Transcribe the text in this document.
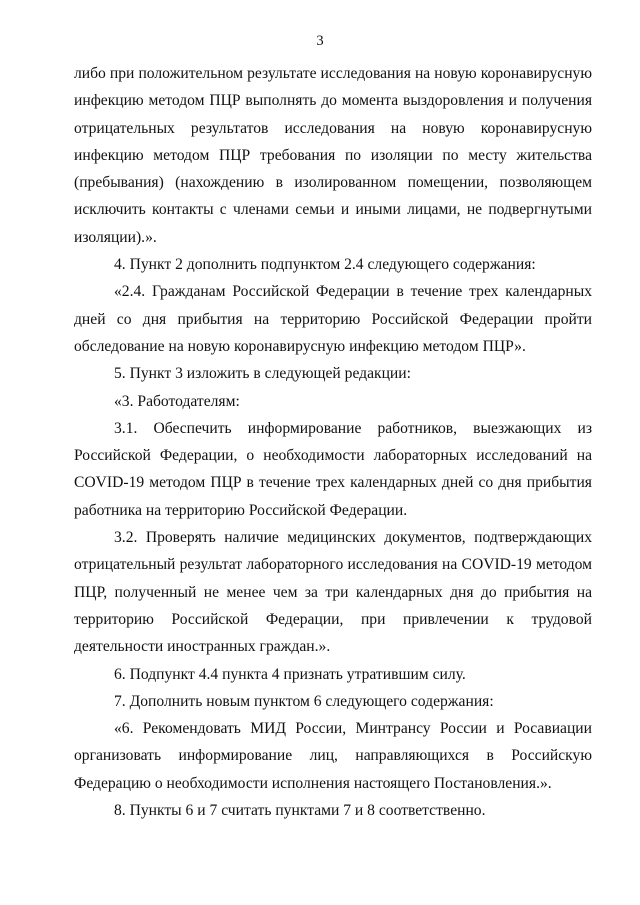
3

либо при положительном результате исследования на новую коронавирусную инфекцию методом ПЦР выполнять до момента выздоровления и получения отрицательных результатов исследования на новую коронавирусную инфекцию методом ПЦР требования по изоляции по месту жительства (пребывания) (нахождению в изолированном помещении, позволяющем исключить контакты с членами семьи и иными лицами, не подвергнутыми изоляции).».

4. Пункт 2 дополнить подпунктом 2.4 следующего содержания:

«2.4. Гражданам Российской Федерации в течение трех календарных дней со дня прибытия на территорию Российской Федерации пройти обследование на новую коронавирусную инфекцию методом ПЦР».

5. Пункт 3 изложить в следующей редакции:

«3. Работодателям:

3.1. Обеспечить информирование работников, выезжающих из Российской Федерации, о необходимости лабораторных исследований на COVID-19 методом ПЦР в течение трех календарных дней со дня прибытия работника на территорию Российской Федерации.

3.2. Проверять наличие медицинских документов, подтверждающих отрицательный результат лабораторного исследования на COVID-19 методом ПЦР, полученный не менее чем за три календарных дня до прибытия на территорию Российской Федерации, при привлечении к трудовой деятельности иностранных граждан.».

6. Подпункт 4.4 пункта 4 признать утратившим силу.

7. Дополнить новым пунктом 6 следующего содержания:

«6. Рекомендовать МИД России, Минтрансу России и Росавиации организовать информирование лиц, направляющихся в Российскую Федерацию о необходимости исполнения настоящего Постановления.».

8. Пункты 6 и 7 считать пунктами 7 и 8 соответственно.
